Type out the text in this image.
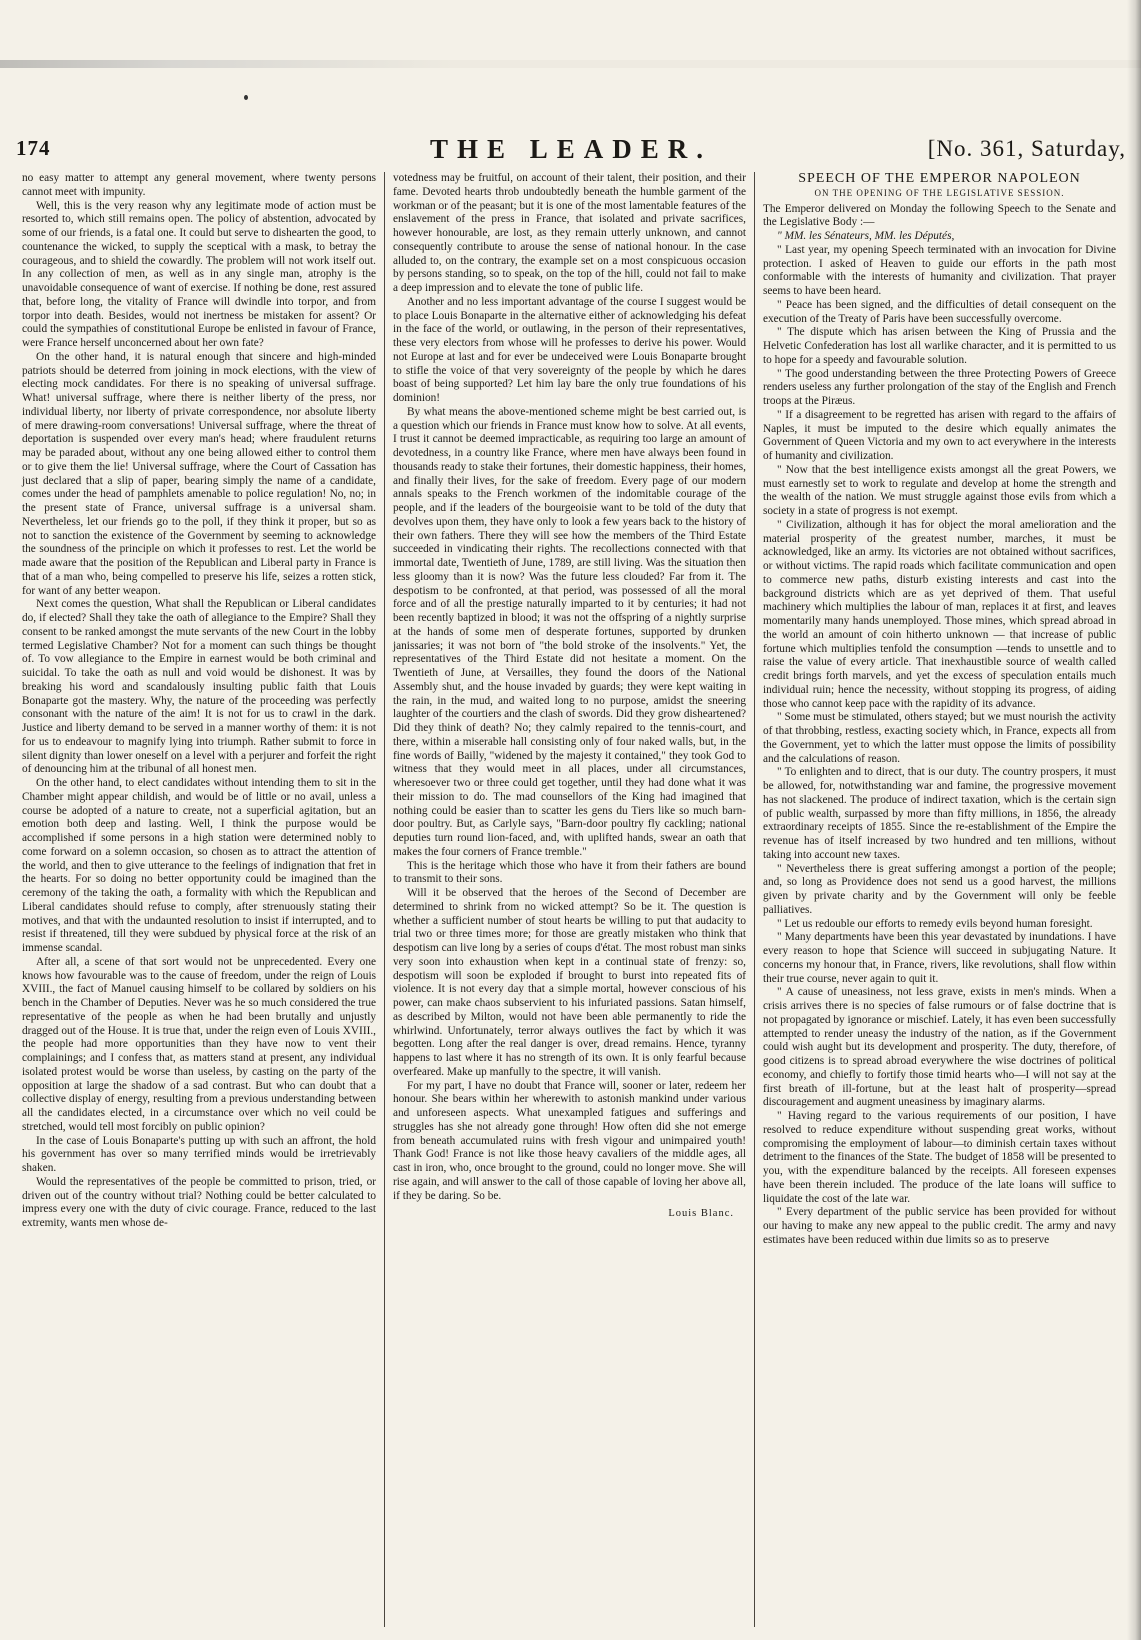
174	THE LEADER.	[No. 361, Saturday,

no easy matter to attempt any general movement, where twenty persons cannot meet with impunity.

Well, this is the very reason why any legitimate mode of action must be resorted to, which still remains open. The policy of abstention, advocated by some of our friends, is a fatal one. It could but serve to dishearten the good, to countenance the wicked, to supply the sceptical with a mask, to betray the courageous, and to shield the cowardly. The problem will not work itself out. In any collection of men, as well as in any single man, atrophy is the unavoidable consequence of want of exercise. If nothing be done, rest assured that, before long, the vitality of France will dwindle into torpor, and from torpor into death. Besides, would not inertness be mistaken for assent? Or could the sympathies of constitutional Europe be enlisted in favour of France, were France herself unconcerned about her own fate?

On the other hand, it is natural enough that sincere and high-minded patriots should be deterred from joining in mock elections, with the view of electing mock candidates. For there is no speaking of universal suffrage. What! universal suffrage, where there is neither liberty of the press, nor individual liberty, nor liberty of private correspondence, nor absolute liberty of mere drawing-room conversations! Universal suffrage, where the threat of deportation is suspended over every man's head; where fraudulent returns may be paraded about, without any one being allowed either to control them or to give them the lie! Universal suffrage, where the Court of Cassation has just declared that a slip of paper, bearing simply the name of a candidate, comes under the head of pamphlets amenable to police regulation! No, no; in the present state of France, universal suffrage is a universal sham. Nevertheless, let our friends go to the poll, if they think it proper, but so as not to sanction the existence of the Government by seeming to acknowledge the soundness of the principle on which it professes to rest. Let the world be made aware that the position of the Republican and Liberal party in France is that of a man who, being compelled to preserve his life, seizes a rotten stick, for want of any better weapon.

Next comes the question, What shall the Republican or Liberal candidates do, if elected? Shall they take the oath of allegiance to the Empire? Shall they consent to be ranked amongst the mute servants of the new Court in the lobby termed Legislative Chamber? Not for a moment can such things be thought of. To vow allegiance to the Empire in earnest would be both criminal and suicidal. To take the oath as null and void would be dishonest. It was by breaking his word and scandalously insulting public faith that Louis Bonaparte got the mastery. Why, the nature of the proceeding was perfectly consonant with the nature of the aim! It is not for us to crawl in the dark. Justice and liberty demand to be served in a manner worthy of them: it is not for us to endeavour to magnify lying into triumph. Rather submit to force in silent dignity than lower oneself on a level with a perjurer and forfeit the right of denouncing him at the tribunal of all honest men.

On the other hand, to elect candidates without intending them to sit in the Chamber might appear childish, and would be of little or no avail, unless a course be adopted of a nature to create, not a superficial agitation, but an emotion both deep and lasting. Well, I think the purpose would be accomplished if some persons in a high station were determined nobly to come forward on a solemn occasion, so chosen as to attract the attention of the world, and then to give utterance to the feelings of indignation that fret in the hearts. For so doing no better opportunity could be imagined than the ceremony of the taking the oath, a formality with which the Republican and Liberal candidates should refuse to comply, after strenuously stating their motives, and that with the undaunted resolution to insist if interrupted, and to resist if threatened, till they were subdued by physical force at the risk of an immense scandal.

After all, a scene of that sort would not be unprecedented. Every one knows how favourable was to the cause of freedom, under the reign of Louis XVIII., the fact of Manuel causing himself to be collared by soldiers on his bench in the Chamber of Deputies. Never was he so much considered the true representative of the people as when he had been brutally and unjustly dragged out of the House. It is true that, under the reign even of Louis XVIII., the people had more opportunities than they have now to vent their complainings; and I confess that, as matters stand at present, any individual isolated protest would be worse than useless, by casting on the party of the opposition at large the shadow of a sad contrast. But who can doubt that a collective display of energy, resulting from a previous understanding between all the candidates elected, in a circumstance over which no veil could be stretched, would tell most forcibly on public opinion?

In the case of Louis Bonaparte's putting up with such an affront, the hold his government has over so many terrified minds would be irretrievably shaken.

Would the representatives of the people be committed to prison, tried, or driven out of the country without trial? Nothing could be better calculated to impress every one with the duty of civic courage. France, reduced to the last extremity, wants men whose de-

votedness may be fruitful, on account of their talent, their position, and their fame. Devoted hearts throb undoubtedly beneath the humble garment of the workman or of the peasant; but it is one of the most lamentable features of the enslavement of the press in France, that isolated and private sacrifices, however honourable, are lost, as they remain utterly unknown, and cannot consequently contribute to arouse the sense of national honour. In the case alluded to, on the contrary, the example set on a most conspicuous occasion by persons standing, so to speak, on the top of the hill, could not fail to make a deep impression and to elevate the tone of public life.

Another and no less important advantage of the course I suggest would be to place Louis Bonaparte in the alternative either of acknowledging his defeat in the face of the world, or outlawing, in the person of their representatives, these very electors from whose will he professes to derive his power. Would not Europe at last and for ever be undeceived were Louis Bonaparte brought to stifle the voice of that very sovereignty of the people by which he dares boast of being supported? Let him lay bare the only true foundations of his dominion!

By what means the above-mentioned scheme might be best carried out, is a question which our friends in France must know how to solve. At all events, I trust it cannot be deemed impracticable, as requiring too large an amount of devotedness, in a country like France, where men have always been found in thousands ready to stake their fortunes, their domestic happiness, their homes, and finally their lives, for the sake of freedom. Every page of our modern annals speaks to the French workmen of the indomitable courage of the people, and if the leaders of the bourgeoisie want to be told of the duty that devolves upon them, they have only to look a few years back to the history of their own fathers. There they will see how the members of the Third Estate succeeded in vindicating their rights. The recollections connected with that immortal date, Twentieth of June, 1789, are still living. Was the situation then less gloomy than it is now? Was the future less clouded? Far from it. The despotism to be confronted, at that period, was possessed of all the moral force and of all the prestige naturally imparted to it by centuries; it had not been recently baptized in blood; it was not the offspring of a nightly surprise at the hands of some men of desperate fortunes, supported by drunken janissaries; it was not born of "the bold stroke of the insolvents." Yet, the representatives of the Third Estate did not hesitate a moment. On the Twentieth of June, at Versailles, they found the doors of the National Assembly shut, and the house invaded by guards; they were kept waiting in the rain, in the mud, and waited long to no purpose, amidst the sneering laughter of the courtiers and the clash of swords. Did they grow disheartened? Did they think of death? No; they calmly repaired to the tennis-court, and there, within a miserable hall consisting only of four naked walls, but, in the fine words of Bailly, "widened by the majesty it contained," they took God to witness that they would meet in all places, under all circumstances, wheresoever two or three could get together, until they had done what it was their mission to do. The mad counsellors of the King had imagined that nothing could be easier than to scatter les gens du Tiers like so much barn-door poultry. But, as Carlyle says, "Barn-door poultry fly cackling; national deputies turn round lion-faced, and, with uplifted hands, swear an oath that makes the four corners of France tremble."

This is the heritage which those who have it from their fathers are bound to transmit to their sons.

Will it be observed that the heroes of the Second of December are determined to shrink from no wicked attempt? So be it. The question is whether a sufficient number of stout hearts be willing to put that audacity to trial two or three times more; for those are greatly mistaken who think that despotism can live long by a series of coups d'état. The most robust man sinks very soon into exhaustion when kept in a continual state of frenzy: so, despotism will soon be exploded if brought to burst into repeated fits of violence. It is not every day that a simple mortal, however conscious of his power, can make chaos subservient to his infuriated passions. Satan himself, as described by Milton, would not have been able permanently to ride the whirlwind. Unfortunately, terror always outlives the fact by which it was begotten. Long after the real danger is over, dread remains. Hence, tyranny happens to last where it has no strength of its own. It is only fearful because overfeared. Make up manfully to the spectre, it will vanish.

For my part, I have no doubt that France will, sooner or later, redeem her honour. She bears within her wherewith to astonish mankind under various and unforeseen aspects. What unexampled fatigues and sufferings and struggles has she not already gone through! How often did she not emerge from beneath accumulated ruins with fresh vigour and unimpaired youth! Thank God! France is not like those heavy cavaliers of the middle ages, all cast in iron, who, once brought to the ground, could no longer move. She will rise again, and will answer to the call of those capable of loving her above all, if they be daring. So be.

Louis Blanc.
SPEECH OF THE EMPEROR NAPOLEON
ON THE OPENING OF THE LEGISLATIVE SESSION.

The Emperor delivered on Monday the following Speech to the Senate and the Legislative Body :—

" MM. les Sénateurs, MM. les Députés,

" Last year, my opening Speech terminated with an invocation for Divine protection. I asked of Heaven to guide our efforts in the path most conformable with the interests of humanity and civilization. That prayer seems to have been heard.

" Peace has been signed, and the difficulties of detail consequent on the execution of the Treaty of Paris have been successfully overcome.

" The dispute which has arisen between the King of Prussia and the Helvetic Confederation has lost all warlike character, and it is permitted to us to hope for a speedy and favourable solution.

" The good understanding between the three Protecting Powers of Greece renders useless any further prolongation of the stay of the English and French troops at the Piræus.

" If a disagreement to be regretted has arisen with regard to the affairs of Naples, it must be imputed to the desire which equally animates the Government of Queen Victoria and my own to act everywhere in the interests of humanity and civilization.

" Now that the best intelligence exists amongst all the great Powers, we must earnestly set to work to regulate and develop at home the strength and the wealth of the nation. We must struggle against those evils from which a society in a state of progress is not exempt.

" Civilization, although it has for object the moral amelioration and the material prosperity of the greatest number, marches, it must be acknowledged, like an army. Its victories are not obtained without sacrifices, or without victims. The rapid roads which facilitate communication and open to commerce new paths, disturb existing interests and cast into the background districts which are as yet deprived of them. That useful machinery which multiplies the labour of man, replaces it at first, and leaves momentarily many hands unemployed. Those mines, which spread abroad in the world an amount of coin hitherto unknown — that increase of public fortune which multiplies tenfold the consumption —tends to unsettle and to raise the value of every article. That inexhaustible source of wealth called credit brings forth marvels, and yet the excess of speculation entails much individual ruin; hence the necessity, without stopping its progress, of aiding those who cannot keep pace with the rapidity of its advance.

" Some must be stimulated, others stayed; but we must nourish the activity of that throbbing, restless, exacting society which, in France, expects all from the Government, yet to which the latter must oppose the limits of possibility and the calculations of reason.

" To enlighten and to direct, that is our duty. The country prospers, it must be allowed, for, notwithstanding war and famine, the progressive movement has not slackened. The produce of indirect taxation, which is the certain sign of public wealth, surpassed by more than fifty millions, in 1856, the already extraordinary receipts of 1855. Since the re-establishment of the Empire the revenue has of itself increased by two hundred and ten millions, without taking into account new taxes.

" Nevertheless there is great suffering amongst a portion of the people; and, so long as Providence does not send us a good harvest, the millions given by private charity and by the Government will only be feeble palliatives.

" Let us redouble our efforts to remedy evils beyond human foresight.

" Many departments have been this year devastated by inundations. I have every reason to hope that Science will succeed in subjugating Nature. It concerns my honour that, in France, rivers, like revolutions, shall flow within their true course, never again to quit it.

" A cause of uneasiness, not less grave, exists in men's minds. When a crisis arrives there is no species of false rumours or of false doctrine that is not propagated by ignorance or mischief. Lately, it has even been successfully attempted to render uneasy the industry of the nation, as if the Government could wish aught but its development and prosperity. The duty, therefore, of good citizens is to spread abroad everywhere the wise doctrines of political economy, and chiefly to fortify those timid hearts who—I will not say at the first breath of ill-fortune, but at the least halt of prosperity—spread discouragement and augment uneasiness by imaginary alarms.

" Having regard to the various requirements of our position, I have resolved to reduce expenditure without suspending great works, without compromising the employment of labour—to diminish certain taxes without detriment to the finances of the State. The budget of 1858 will be presented to you, with the expenditure balanced by the receipts. All foreseen expenses have been therein included. The produce of the late loans will suffice to liquidate the cost of the late war.

" Every department of the public service has been provided for without our having to make any new appeal to the public credit. The army and navy estimates have been reduced within due limits so as to preserve
